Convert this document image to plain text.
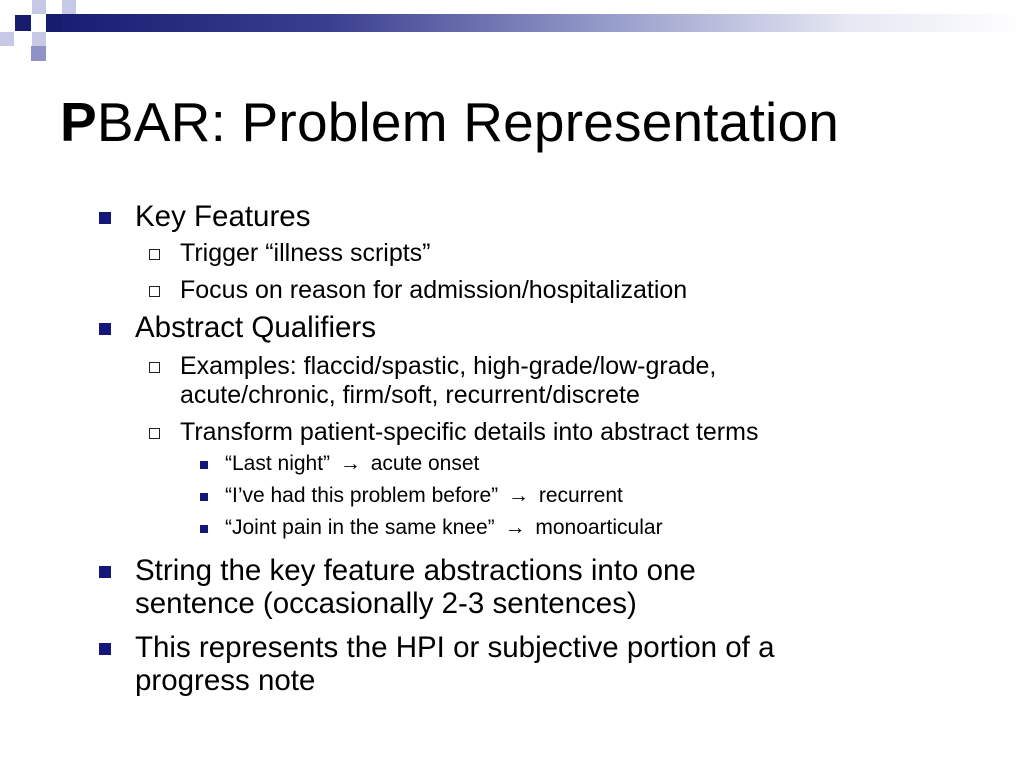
PBAR: Problem Representation
Key Features
Trigger “illness scripts”
Focus on reason for admission/hospitalization
Abstract Qualifiers
Examples: flaccid/spastic, high-grade/low-grade,
acute/chronic, firm/soft, recurrent/discrete
Transform patient-specific details into abstract terms
“Last night” → acute onset
“I’ve had this problem before” → recurrent
“Joint pain in the same knee” → monoarticular
String the key feature abstractions into one
sentence (occasionally 2-3 sentences)
This represents the HPI or subjective portion of a
progress note
